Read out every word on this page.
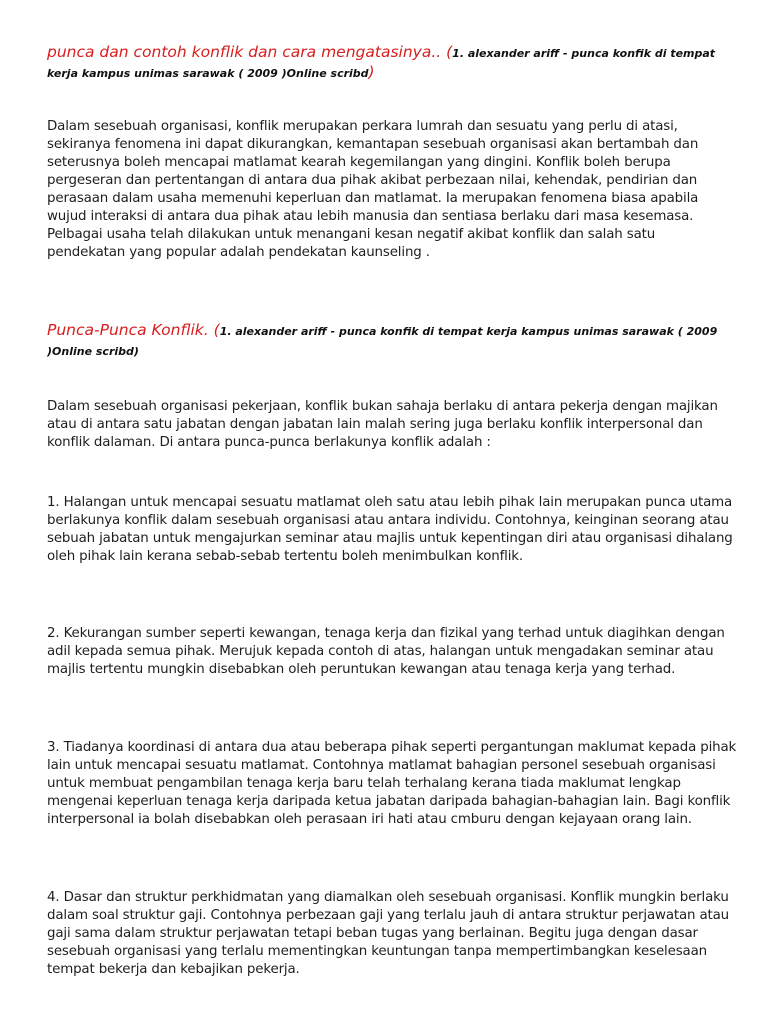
punca dan contoh konflik dan cara mengatasinya.. (1. alexander ariff - punca konfik di tempat kerja kampus unimas sarawak ( 2009 )Online scribd)

Dalam sesebuah organisasi, konflik merupakan perkara lumrah dan sesuatu yang perlu di atasi, sekiranya fenomena ini dapat dikurangkan, kemantapan sesebuah organisasi akan bertambah dan seterusnya boleh mencapai matlamat kearah kegemilangan yang dingini. Konflik boleh berupa pergeseran dan pertentangan di antara dua pihak akibat perbezaan nilai, kehendak, pendirian dan perasaan dalam usaha memenuhi keperluan dan matlamat. Ia merupakan fenomena biasa apabila wujud interaksi di antara dua pihak atau lebih manusia dan sentiasa berlaku dari masa kesemasa. Pelbagai usaha telah dilakukan untuk menangani kesan negatif akibat konflik dan salah satu pendekatan yang popular adalah pendekatan kaunseling .

Punca-Punca Konflik. (1. alexander ariff - punca konfik di tempat kerja kampus unimas sarawak ( 2009 )Online scribd)

Dalam sesebuah organisasi pekerjaan, konflik bukan sahaja berlaku di antara pekerja dengan majikan atau di antara satu jabatan dengan jabatan lain malah sering juga berlaku konflik interpersonal dan konflik dalaman. Di antara punca-punca berlakunya konflik adalah :

1. Halangan untuk mencapai sesuatu matlamat oleh satu atau lebih pihak lain merupakan punca utama berlakunya konflik dalam sesebuah organisasi atau antara individu. Contohnya, keinginan seorang atau sebuah jabatan untuk mengajurkan seminar atau majlis untuk kepentingan diri atau organisasi dihalang oleh pihak lain kerana sebab-sebab tertentu boleh menimbulkan konflik.

2. Kekurangan sumber seperti kewangan, tenaga kerja dan fizikal yang terhad untuk diagihkan dengan adil kepada semua pihak. Merujuk kepada contoh di atas, halangan untuk mengadakan seminar atau majlis tertentu mungkin disebabkan oleh peruntukan kewangan atau tenaga kerja yang terhad.

3. Tiadanya koordinasi di antara dua atau beberapa pihak seperti pergantungan maklumat kepada pihak lain untuk mencapai sesuatu matlamat. Contohnya matlamat bahagian personel sesebuah organisasi untuk membuat pengambilan tenaga kerja baru telah terhalang kerana tiada maklumat lengkap mengenai keperluan tenaga kerja daripada ketua jabatan daripada bahagian-bahagian lain. Bagi konflik interpersonal ia bolah disebabkan oleh perasaan iri hati atau cmburu dengan kejayaan orang lain.

4. Dasar dan struktur perkhidmatan yang diamalkan oleh sesebuah organisasi. Konflik mungkin berlaku dalam soal struktur gaji. Contohnya perbezaan gaji yang terlalu jauh di antara struktur perjawatan atau gaji sama dalam struktur perjawatan tetapi beban tugas yang berlainan. Begitu juga dengan dasar sesebuah organisasi yang terlalu mementingkan keuntungan tanpa mempertimbangkan keselesaan tempat bekerja dan kebajikan pekerja.
